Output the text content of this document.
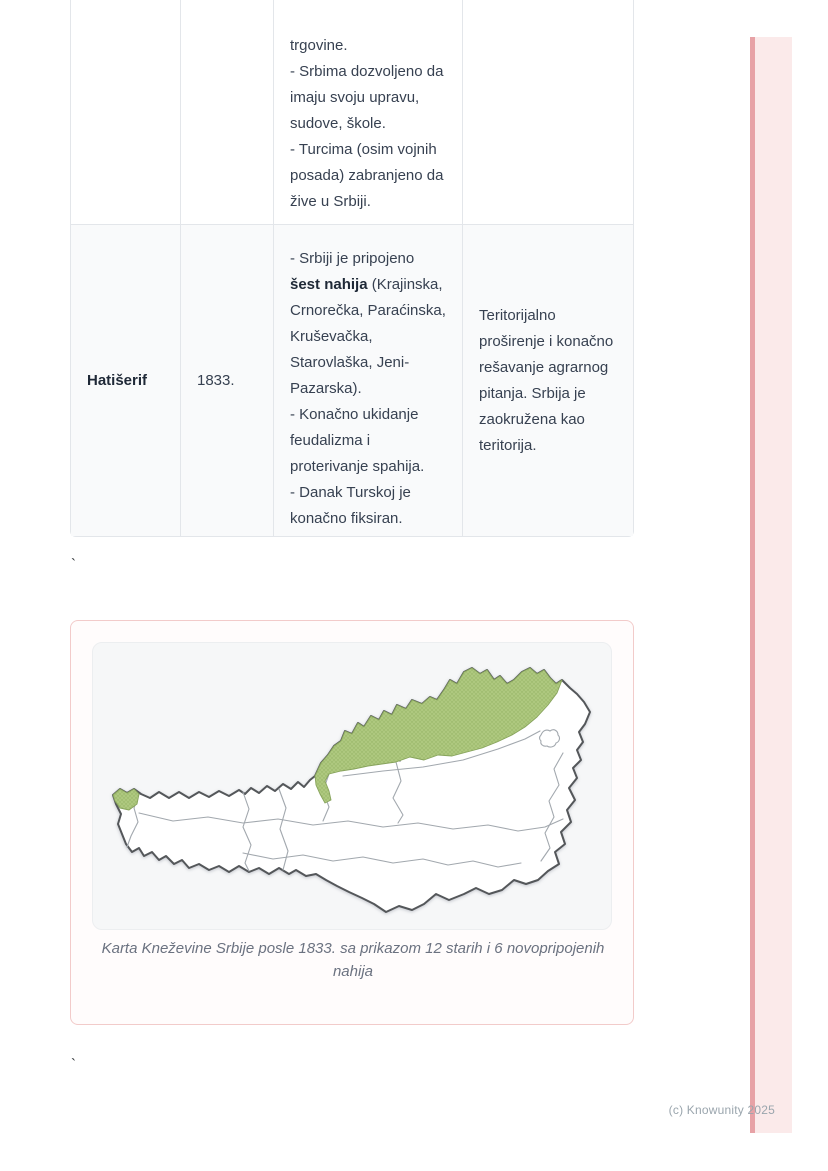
trgovine.
- Srbima dozvoljeno da
imaju svoju upravu,
sudove, škole.
- Turcima (osim vojnih
posada) zabranjeno da
žive u Srbiji.
Hatišerif	1833.
- Srbiji je pripojeno
šest nahija (Krajinska,
Crnorečka, Paraćinska,
Kruševačka,
Starovlaška, Jeni-
Pazarska).
- Konačno ukidanje
feudalizma i
proterivanje spahija.
- Danak Turskoj je
konačno fiksiran.
Teritorijalno
proširenje i konačno
rešavanje agrarnog
pitanja. Srbija je
zaokružena kao
teritorija.
`
Karta Kneževine Srbije posle 1833. sa prikazom 12 starih i 6 novopripojenih nahija
`
(c) Knowunity 2025
